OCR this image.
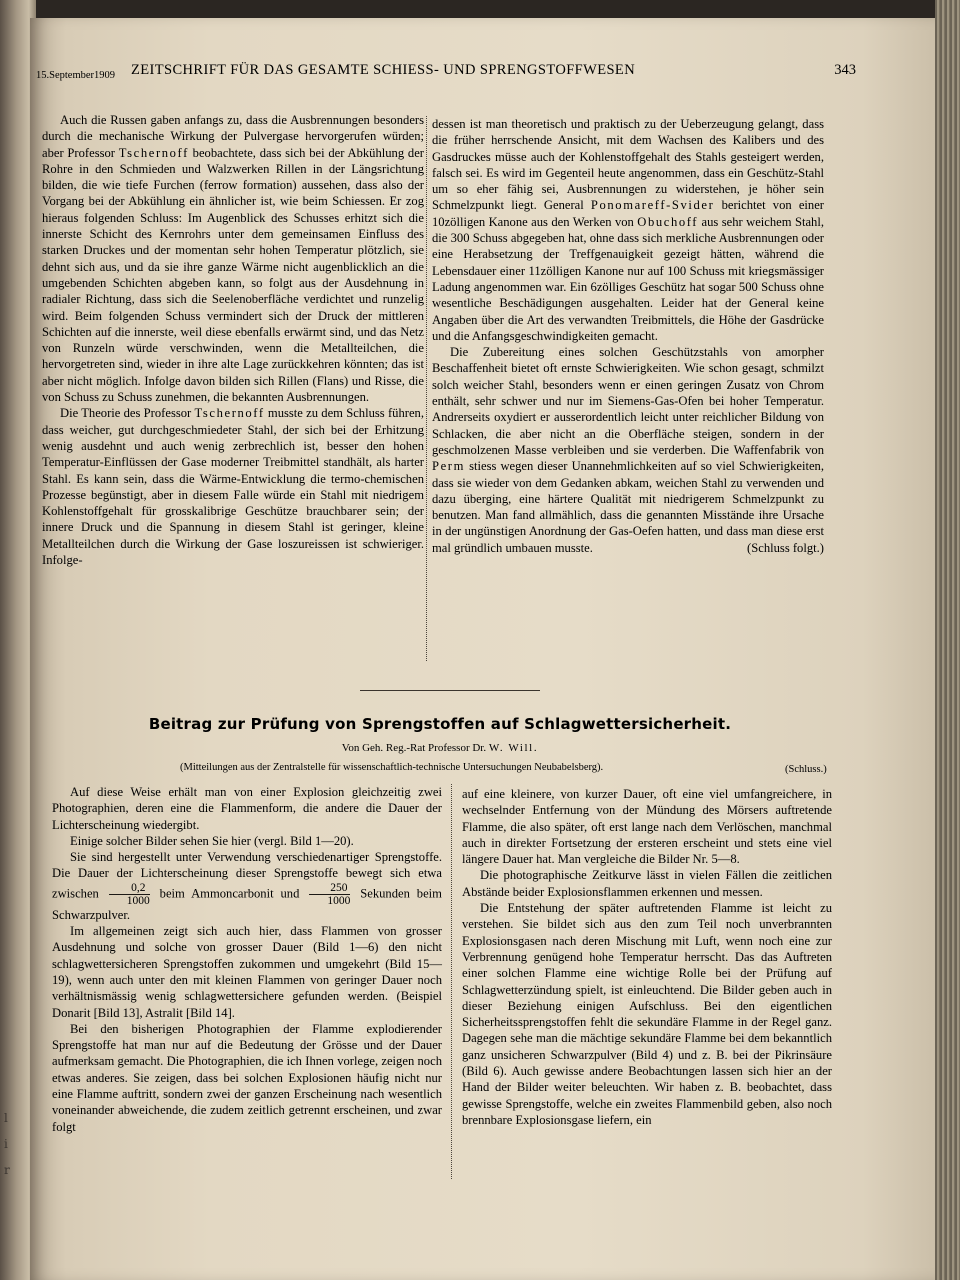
l
i
r
15.September1909 ZEITSCHRIFT FÜR DAS GESAMTE SCHIESS- UND SPRENGSTOFFWESEN	343

Auch die Russen gaben anfangs zu, dass die Ausbrennungen besonders durch die mechanische Wirkung der Pulvergase hervorgerufen würden; aber Professor Tschernoff beobachtete, dass sich bei der Abkühlung der Rohre in den Schmieden und Walzwerken Rillen in der Längsrichtung bilden, die wie tiefe Furchen (ferrow formation) aussehen, dass also der Vorgang bei der Abkühlung ein ähnlicher ist, wie beim Schiessen. Er zog hieraus folgenden Schluss: Im Augenblick des Schusses erhitzt sich die innerste Schicht des Kernrohrs unter dem gemeinsamen Einfluss des starken Druckes und der momentan sehr hohen Temperatur plötzlich, sie dehnt sich aus, und da sie ihre ganze Wärme nicht augenblicklich an die umgebenden Schichten abgeben kann, so folgt aus der Ausdehnung in radialer Richtung, dass sich die Seelenoberfläche verdichtet und runzelig wird. Beim folgenden Schuss vermindert sich der Druck der mittleren Schichten auf die innerste, weil diese ebenfalls erwärmt sind, und das Netz von Runzeln würde verschwinden, wenn die Metallteilchen, die hervorgetreten sind, wieder in ihre alte Lage zurückkehren könnten; das ist aber nicht möglich. Infolge davon bilden sich Rillen (Flans) und Risse, die von Schuss zu Schuss zunehmen, die bekannten Ausbrennungen.

Die Theorie des Professor Tschernoff musste zu dem Schluss führen, dass weicher, gut durchgeschmiedeter Stahl, der sich bei der Erhitzung wenig ausdehnt und auch wenig zerbrechlich ist, besser den hohen Temperatur-Einflüssen der Gase moderner Treibmittel standhält, als harter Stahl. Es kann sein, dass die Wärme-Entwicklung die termo-chemischen Prozesse begünstigt, aber in diesem Falle würde ein Stahl mit niedrigem Kohlenstoffgehalt für grosskalibrige Geschütze brauchbarer sein; der innere Druck und die Spannung in diesem Stahl ist geringer, kleine Metallteilchen durch die Wirkung der Gase loszureissen ist schwieriger. Infolge-

dessen ist man theoretisch und praktisch zu der Ueberzeugung gelangt, dass die früher herrschende Ansicht, mit dem Wachsen des Kalibers und des Gasdruckes müsse auch der Kohlenstoffgehalt des Stahls gesteigert werden, falsch sei. Es wird im Gegenteil heute angenommen, dass ein Geschütz-Stahl um so eher fähig sei, Ausbrennungen zu widerstehen, je höher sein Schmelzpunkt liegt. General Ponomareff-Svider berichtet von einer 10zölligen Kanone aus den Werken von Obuchoff aus sehr weichem Stahl, die 300 Schuss abgegeben hat, ohne dass sich merkliche Ausbrennungen oder eine Herabsetzung der Treffgenauigkeit gezeigt hätten, während die Lebensdauer einer 11zölligen Kanone nur auf 100 Schuss mit kriegsmässiger Ladung angenommen war. Ein 6zölliges Geschütz hat sogar 500 Schuss ohne wesentliche Beschädigungen ausgehalten. Leider hat der General keine Angaben über die Art des verwandten Treibmittels, die Höhe der Gasdrücke und die Anfangsgeschwindigkeiten gemacht.

Die Zubereitung eines solchen Geschützstahls von amorpher Beschaffenheit bietet oft ernste Schwierigkeiten. Wie schon gesagt, schmilzt solch weicher Stahl, besonders wenn er einen geringen Zusatz von Chrom enthält, sehr schwer und nur im Siemens-Gas-Ofen bei hoher Temperatur. Andrerseits oxydiert er ausserordentlich leicht unter reichlicher Bildung von Schlacken, die aber nicht an die Oberfläche steigen, sondern in der geschmolzenen Masse verbleiben und sie verderben. Die Waffenfabrik von Perm stiess wegen dieser Unannehmlichkeiten auf so viel Schwierigkeiten, dass sie wieder von dem Gedanken abkam, weichen Stahl zu verwenden und dazu überging, eine härtere Qualität mit niedrigerem Schmelzpunkt zu benutzen. Man fand allmählich, dass die genannten Misstände ihre Ursache in der ungünstigen Anordnung der Gas-Oefen hatten, und dass man diese erst mal gründlich umbauen musste.	(Schluss folgt.)

Beitrag zur Prüfung von Sprengstoffen auf Schlagwettersicherheit.
Von Geh. Reg.-Rat Professor Dr. W. Will.
(Mitteilungen aus der Zentralstelle für wissenschaftlich-technische Untersuchungen Neubabelsberg).	(Schluss.)

Auf diese Weise erhält man von einer Explosion gleichzeitig zwei Photographien, deren eine die Flammenform, die andere die Dauer der Lichterscheinung wiedergibt.

Einige solcher Bilder sehen Sie hier (vergl. Bild 1—20).

Sie sind hergestellt unter Verwendung verschiedenartiger Sprengstoffe. Die Dauer der Lichterscheinung dieser Sprengstoffe bewegt sich etwa zwischen $\frac{0,2}{1000}$ beim Ammoncarbonit und $\frac{250}{1000}$ Sekunden beim Schwarzpulver.

Im allgemeinen zeigt sich auch hier, dass Flammen von grosser Ausdehnung und solche von grosser Dauer (Bild 1—6) den nicht schlagwettersicheren Sprengstoffen zukommen und umgekehrt (Bild 15—19), wenn auch unter den mit kleinen Flammen von geringer Dauer noch verhältnismässig wenig schlagwettersichere gefunden werden. (Beispiel Donarit [Bild 13], Astralit [Bild 14].

Bei den bisherigen Photographien der Flamme explodierender Sprengstoffe hat man nur auf die Bedeutung der Grösse und der Dauer aufmerksam gemacht. Die Photographien, die ich Ihnen vorlege, zeigen noch etwas anderes. Sie zeigen, dass bei solchen Explosionen häufig nicht nur eine Flamme auftritt, sondern zwei der ganzen Erscheinung nach wesentlich voneinander abweichende, die zudem zeitlich getrennt erscheinen, und zwar folgt

auf eine kleinere, von kurzer Dauer, oft eine viel umfangreichere, in wechselnder Entfernung von der Mündung des Mörsers auftretende Flamme, die also später, oft erst lange nach dem Verlöschen, manchmal auch in direkter Fortsetzung der ersteren erscheint und stets eine viel längere Dauer hat. Man vergleiche die Bilder Nr. 5—8.

Die photographische Zeitkurve lässt in vielen Fällen die zeitlichen Abstände beider Explosionsflammen erkennen und messen.

Die Entstehung der später auftretenden Flamme ist leicht zu verstehen. Sie bildet sich aus den zum Teil noch unverbrannten Explosionsgasen nach deren Mischung mit Luft, wenn noch eine zur Verbrennung genügend hohe Temperatur herrscht. Das das Auftreten einer solchen Flamme eine wichtige Rolle bei der Prüfung auf Schlagwetterzündung spielt, ist einleuchtend. Die Bilder geben auch in dieser Beziehung einigen Aufschluss. Bei den eigentlichen Sicherheitssprengstoffen fehlt die sekundäre Flamme in der Regel ganz. Dagegen sehe man die mächtige sekundäre Flamme bei dem bekanntlich ganz unsicheren Schwarzpulver (Bild 4) und z. B. bei der Pikrinsäure (Bild 6). Auch gewisse andere Beobachtungen lassen sich hier an der Hand der Bilder weiter beleuchten. Wir haben z. B. beobachtet, dass gewisse Sprengstoffe, welche ein zweites Flammenbild geben, also noch brennbare Explosionsgase liefern, ein
